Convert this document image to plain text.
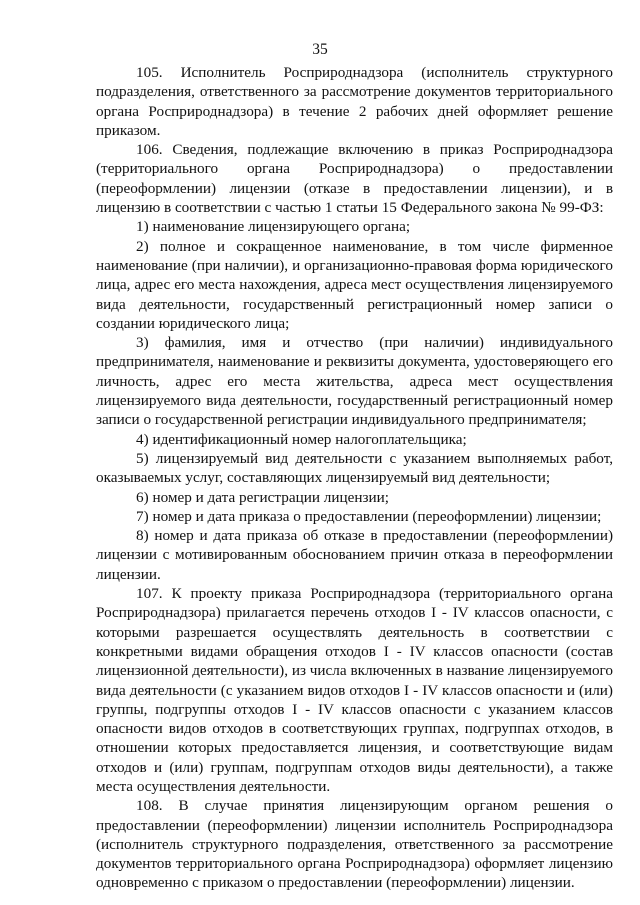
35

105. Исполнитель Росприроднадзора (исполнитель структурного подразделения, ответственного за рассмотрение документов территориального органа Росприроднадзора) в течение 2 рабочих дней оформляет решение приказом.

106. Сведения, подлежащие включению в приказ Росприроднадзора (территориального органа Росприроднадзора) о предоставлении (переоформлении) лицензии (отказе в предоставлении лицензии), и в лицензию в соответствии с частью 1 статьи 15 Федерального закона № 99-ФЗ:

1) наименование лицензирующего органа;

2) полное и сокращенное наименование, в том числе фирменное наименование (при наличии), и организационно-правовая форма юридического лица, адрес его места нахождения, адреса мест осуществления лицензируемого вида деятельности, государственный регистрационный номер записи о создании юридического лица;

3) фамилия, имя и отчество (при наличии) индивидуального предпринимателя, наименование и реквизиты документа, удостоверяющего его личность, адрес его места жительства, адреса мест осуществления лицензируемого вида деятельности, государственный регистрационный номер записи о государственной регистрации индивидуального предпринимателя;

4) идентификационный номер налогоплательщика;

5) лицензируемый вид деятельности с указанием выполняемых работ, оказываемых услуг, составляющих лицензируемый вид деятельности;

6) номер и дата регистрации лицензии;

7) номер и дата приказа о предоставлении (переоформлении) лицензии;

8) номер и дата приказа об отказе в предоставлении (переоформлении) лицензии с мотивированным обоснованием причин отказа в переоформлении лицензии.

107. К проекту приказа Росприроднадзора (территориального органа Росприроднадзора) прилагается перечень отходов I - IV классов опасности, с которыми разрешается осуществлять деятельность в соответствии с конкретными видами обращения отходов I - IV классов опасности (состав лицензионной деятельности), из числа включенных в название лицензируемого вида деятельности (с указанием видов отходов I - IV классов опасности и (или) группы, подгруппы отходов I - IV классов опасности с указанием классов опасности видов отходов в соответствующих группах, подгруппах отходов, в отношении которых предоставляется лицензия, и соответствующие видам отходов и (или) группам, подгруппам отходов виды деятельности), а также места осуществления деятельности.

108. В случае принятия лицензирующим органом решения о предоставлении (переоформлении) лицензии исполнитель Росприроднадзора (исполнитель структурного подразделения, ответственного за рассмотрение документов территориального органа Росприроднадзора) оформляет лицензию одновременно с приказом о предоставлении (переоформлении) лицензии.
